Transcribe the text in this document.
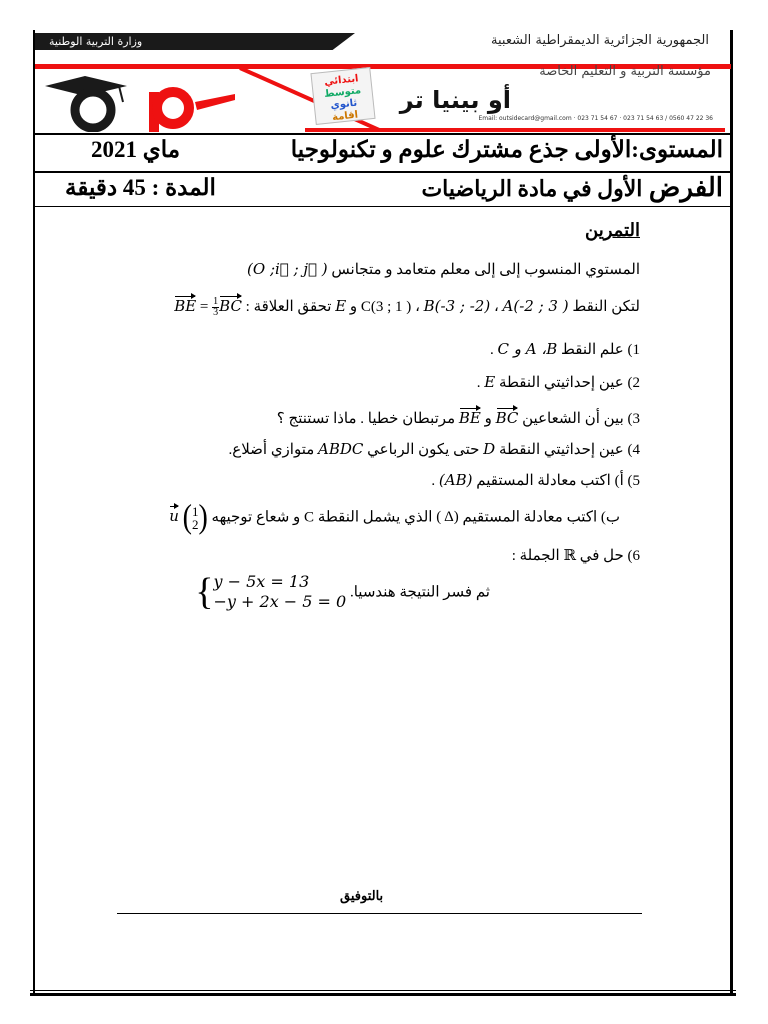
وزارة التربية الوطنية	الجمهورية الجزائرية الديمقراطية الشعبية
ابتدائي
متوسط
ثانوي
اقامة
مؤسسة التربية و التعليم الخاصة
أو بينيا تر
Email: outsidecard@gmail.com · 023 71 54 67 · 023 71 54 63 / 0560 47 22 36
المستوى:الأولى جذع مشترك علوم و تكنولوجيا
ماي 2021
الفرض الأول في مادة الرياضيات
المدة : 45 دقيقة
التمرين
المستوي المنسوب إلى إلى معلم متعامد و متجانس (O ;i⃗ ; j⃗ )
لتكن النقط A(-2 ; 3 ) ، B(-3 ; -2) ، C(3 ; 1 ) و E تحقق العلاقة : BE = $\frac{1}{3}$ BC
1) علم النقط A ،B و C .
2) عين إحداثيتي النقطة E .
3) بين أن الشعاعين BC و BE مرتبطان خطيا . ماذا تستنتج ؟
4) عين إحداثيتي النقطة D حتى يكون الرباعي ABDC متوازي أضلاع.
5) أ) اكتب معادلة المستقيم (AB) .
ب) اكتب معادلة المستقيم ( Δ) الذي يشمل النقطة C و شعاع توجيهه u (1
2)
6) حل في ℝ الجملة :
ثم فسر النتيجة هندسيا. { y − 5x = 13
−y + 2x − 5 = 0
بالتوفيق
